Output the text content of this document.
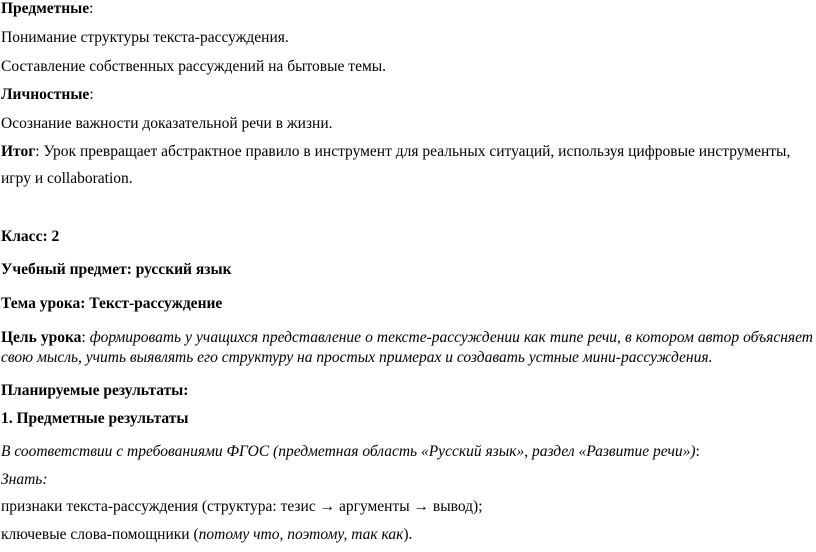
Предметные:
Понимание структуры текста-рассуждения.
Составление собственных рассуждений на бытовые темы.
Личностные:
Осознание важности доказательной речи в жизни.
Итог: Урок превращает абстрактное правило в инструмент для реальных ситуаций, используя цифровые инструменты,
игру и collaboration.
Класс: 2
Учебный предмет: русский язык
Тема урока: Текст-рассуждение
Цель урока: формировать у учащихся представление о тексте-рассуждении как типе речи, в котором автор объясняет свою мысль, учить выявлять его структуру на простых примерах и создавать устные мини-рассуждения.
Планируемые результаты:
1. Предметные результаты
В соответствии с требованиями ФГОС (предметная область «Русский язык», раздел «Развитие речи»):
Знать:
признаки текста-рассуждения (структура: тезис → аргументы → вывод);
ключевые слова-помощники (потому что, поэтому, так как).
